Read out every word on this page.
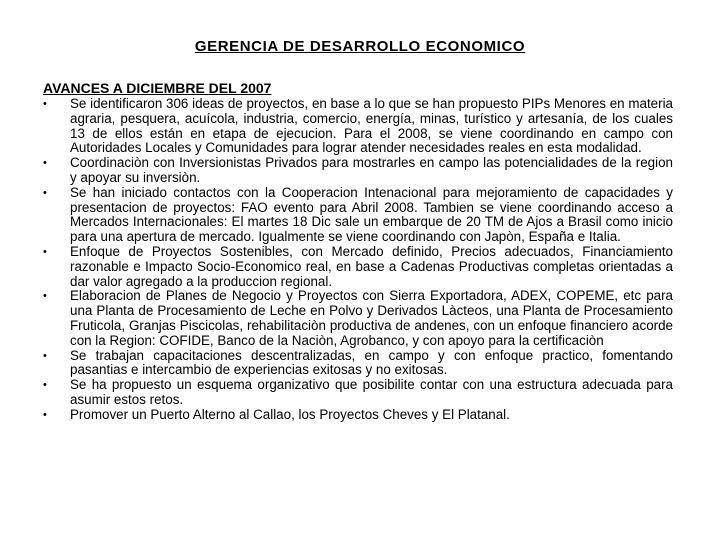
GERENCIA DE DESARROLLO ECONOMICO
AVANCES A DICIEMBRE DEL 2007
•	Se identificaron 306 ideas de proyectos, en base a lo que se han propuesto PIPs Menores en materia agraria, pesquera, acuícola, industria, comercio, energía, minas, turístico y artesanía, de los cuales 13 de ellos están en etapa de ejecucion. Para el 2008, se viene coordinando en campo con Autoridades Locales y Comunidades para lograr atender necesidades reales en esta modalidad.
•	Coordinaciòn con Inversionistas Privados para mostrarles en campo las potencialidades de la region y apoyar su inversiòn.
•	Se han iniciado contactos con la Cooperacion Intenacional para mejoramiento de capacidades y presentacion de proyectos: FAO evento para Abril 2008. Tambien se viene coordinando acceso a Mercados Internacionales: El martes 18 Dic sale un embarque de 20 TM de Ajos a Brasil como inicio para una apertura de mercado. Igualmente se viene coordinando con Japòn, España e Italia.
•	Enfoque de Proyectos Sostenibles, con Mercado definido, Precios adecuados, Financiamiento razonable e Impacto Socio-Economico real, en base a Cadenas Productivas completas orientadas a dar valor agregado a la produccion regional.
•	Elaboracion de Planes de Negocio y Proyectos con Sierra Exportadora, ADEX, COPEME, etc para una Planta de Procesamiento de Leche en Polvo y Derivados Làcteos, una Planta de Procesamiento Fruticola, Granjas Piscicolas, rehabilitaciòn productiva de andenes, con un enfoque financiero acorde con la Region: COFIDE, Banco de la Naciòn, Agrobanco, y con apoyo para la certificaciòn
•	Se trabajan capacitaciones descentralizadas, en campo y con enfoque practico, fomentando pasantias e intercambio de experiencias exitosas y no exitosas.
•	Se ha propuesto un esquema organizativo que posibilite contar con una estructura adecuada para asumir estos retos.
•	Promover un Puerto Alterno al Callao, los Proyectos Cheves y El Platanal.
